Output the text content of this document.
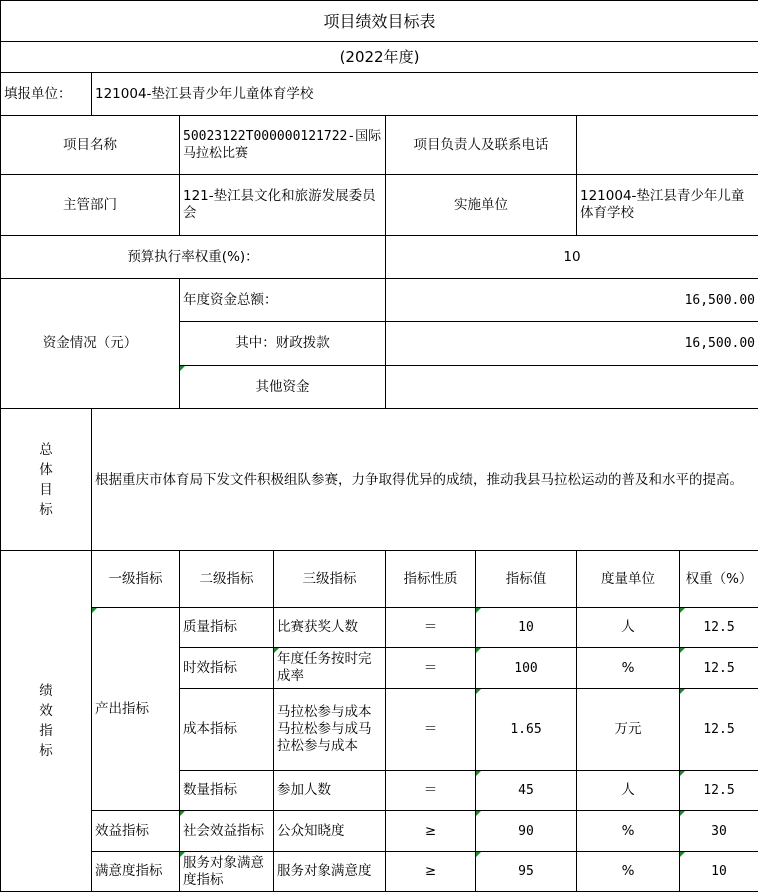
项目绩效目标表							
(2022年度)							
填报单位：	121004-垫江县青少年儿童体育学校						
项目名称		50023122T000000121722-国际马拉松比赛		项目负责人及联系电话			
主管部门		121-垫江县文化和旅游发展委员会		实施单位		121004-垫江县青少年儿童体育学校	
预算执行率权重(%)：				10			

资金情况（元）		年度资金总额：		16,500.00			
		其中：财政拨款		16,500.00			
		其他资金					

总体目标	根据重庆市体育局下发文件积极组队参赛，力争取得优异的成绩，推动我县马拉松运动的普及和水平的提高。						

绩效指标	一级指标	二级指标	三级指标	指标性质	指标值	度量单位	权重（%）
	产出指标	质量指标	比赛获奖人数	＝	10	人	12.5
		时效指标	年度任务按时完成率	＝	100	%	12.5
		成本指标	马拉松参与成本马拉松参与成马拉松参与成本	＝	1.65	万元	12.5
		数量指标	参加人数	＝	45	人	12.5
	效益指标	社会效益指标	公众知晓度	≥	90	%	30
	满意度指标	服务对象满意度指标	服务对象满意度	≥	95	%	10
